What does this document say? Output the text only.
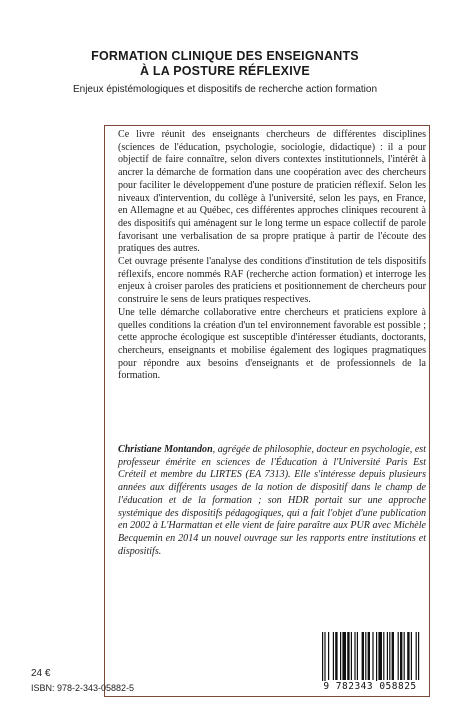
FORMATION CLINIQUE DES ENSEIGNANTS
À LA POSTURE RÉFLEXIVE
Enjeux épistémologiques et dispositifs de recherche action formation

Ce livre réunit des enseignants chercheurs de différentes disciplines (sciences de l'éducation, psychologie, sociologie, didactique) : il a pour objectif de faire connaître, selon divers contextes institutionnels, l'intérêt à ancrer la démarche de formation dans une coopération avec des chercheurs pour faciliter le développement d'une posture de praticien réflexif. Selon les niveaux d'intervention, du collège à l'université, selon les pays, en France, en Allemagne et au Québec, ces différentes approches cliniques recourent à des dispositifs qui aménagent sur le long terme un espace collectif de parole favorisant une verbalisation de sa propre pratique à partir de l'écoute des pratiques des autres.

Cet ouvrage présente l'analyse des conditions d'institution de tels dispositifs réflexifs, encore nommés RAF (recherche action formation) et interroge les enjeux à croiser paroles des praticiens et positionnement de chercheurs pour construire le sens de leurs pratiques respectives.

Une telle démarche collaborative entre chercheurs et praticiens explore à quelles conditions la création d'un tel environnement favorable est possible ; cette approche écologique est susceptible d'intéresser étudiants, doctorants, chercheurs, enseignants et mobilise également des logiques pragmatiques pour répondre aux besoins d'enseignants et de professionnels de la formation.

Christiane Montandon, agrégée de philosophie, docteur en psychologie, est professeur émérite en sciences de l'Éducation à l'Université Paris Est Créteil et membre du LIRTES (EA 7313). Elle s'intéresse depuis plusieurs années aux différents usages de la notion de dispositif dans le champ de l'éducation et de la formation ; son HDR portait sur une approche systémique des dispositifs pédagogiques, qui a fait l'objet d'une publication en 2002 à L'Harmattan et elle vient de faire paraître aux PUR avec Michèle Becquemin en 2014 un nouvel ouvrage sur les rapports entre institutions et dispositifs.

24 €
ISBN: 978-2-343-05882-5	9 782343 058825
